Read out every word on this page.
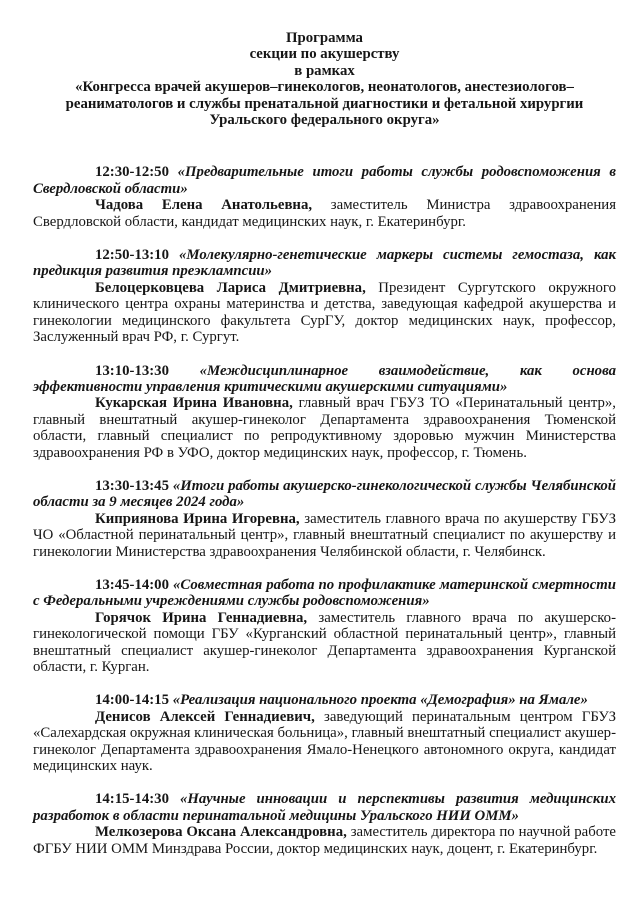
Программа
секции по акушерству
в рамках
«Конгресса врачей акушеров–гинекологов, неонатологов, анестезиологов–реаниматологов и службы пренатальной диагностики и фетальной хирургии Уральского федерального округа»

12:30-12:50 «Предварительные итоги работы службы родовспоможения в Свердловской области»

Чадова Елена Анатольевна, заместитель Министра здравоохранения Свердловской области, кандидат медицинских наук, г. Екатеринбург.

12:50-13:10 «Молекулярно-генетические маркеры системы гемостаза, как предикция развития преэклампсии»

Белоцерковцева Лариса Дмитриевна, Президент Сургутского окружного клинического центра охраны материнства и детства, заведующая кафедрой акушерства и гинекологии медицинского факультета СурГУ, доктор медицинских наук, профессор, Заслуженный врач РФ, г. Сургут.

13:10-13:30 «Междисциплинарное взаимодействие, как основа эффективности управления критическими акушерскими ситуациями»

Кукарская Ирина Ивановна, главный врач ГБУЗ ТО «Перинатальный центр», главный внештатный акушер-гинеколог Департамента здравоохранения Тюменской области, главный специалист по репродуктивному здоровью мужчин Министерства здравоохранения РФ в УФО, доктор медицинских наук, профессор, г. Тюмень.

13:30-13:45 «Итоги работы акушерско-гинекологической службы Челябинской области за 9 месяцев 2024 года»

Киприянова Ирина Игоревна, заместитель главного врача по акушерству ГБУЗ ЧО «Областной перинатальный центр», главный внештатный специалист по акушерству и гинекологии Министерства здравоохранения Челябинской области, г. Челябинск.

13:45-14:00 «Совместная работа по профилактике материнской смертности с Федеральными учреждениями службы родовспоможения»

Горячок Ирина Геннадиевна, заместитель главного врача по акушерско-гинекологической помощи ГБУ «Курганский областной перинатальный центр», главный внештатный специалист акушер-гинеколог Департамента здравоохранения Курганской области, г. Курган.

14:00-14:15 «Реализация национального проекта «Демография» на Ямале»

Денисов Алексей Геннадиевич, заведующий перинатальным центром ГБУЗ «Салехардская окружная клиническая больница», главный внештатный специалист акушер-гинеколог Департамента здравоохранения Ямало-Ненецкого автономного округа, кандидат медицинских наук.

14:15-14:30 «Научные инновации и перспективы развития медицинских разработок в области перинатальной медицины Уральского НИИ ОММ»

Мелкозерова Оксана Александровна, заместитель директора по научной работе ФГБУ НИИ ОММ Минздрава России, доктор медицинских наук, доцент, г. Екатеринбург.
